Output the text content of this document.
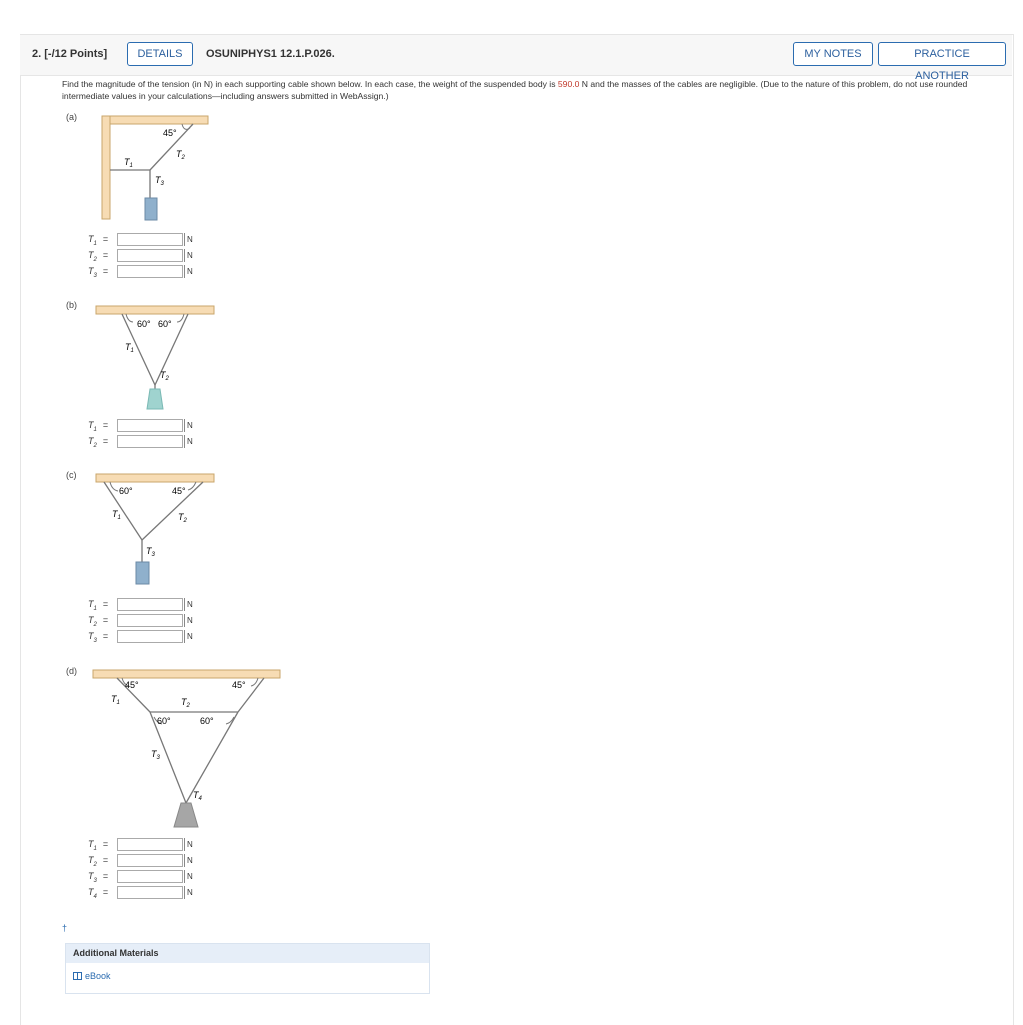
2. [-/12 Points]	DETAILS	OSUNIPHYS1 12.1.P.026.	MY NOTES	PRACTICE ANOTHER
Find the magnitude of the tension (in N) in each supporting cable shown below. In each case, the weight of the suspended body is 590.0 N and the masses of the cables are negligible. (Due to the nature of this problem, do not use rounded intermediate values in your calculations—including answers submitted in WebAssign.)
(a)
(b)
(c)
(d)
45°
$T_1$
$T_2$
$T_3$
60° 60°
$T_1$
$T_2$
60°	45°
$T_1$	$T_2$
$T_3$
45°	45°
60°	60°
$T_1$	$T_2$
$T_3$
$T_4$
$T_1$ =	N
$T_2$ =	N
$T_3$ =	N
$T_1$ =	N
$T_2$ =	N
$T_1$ =	N
$T_2$ =	N
$T_3$ =	N
$T_1$ =	N
$T_2$ =	N
$T_3$ =	N
$T_4$ =	N
†
Additional Materials
eBook
